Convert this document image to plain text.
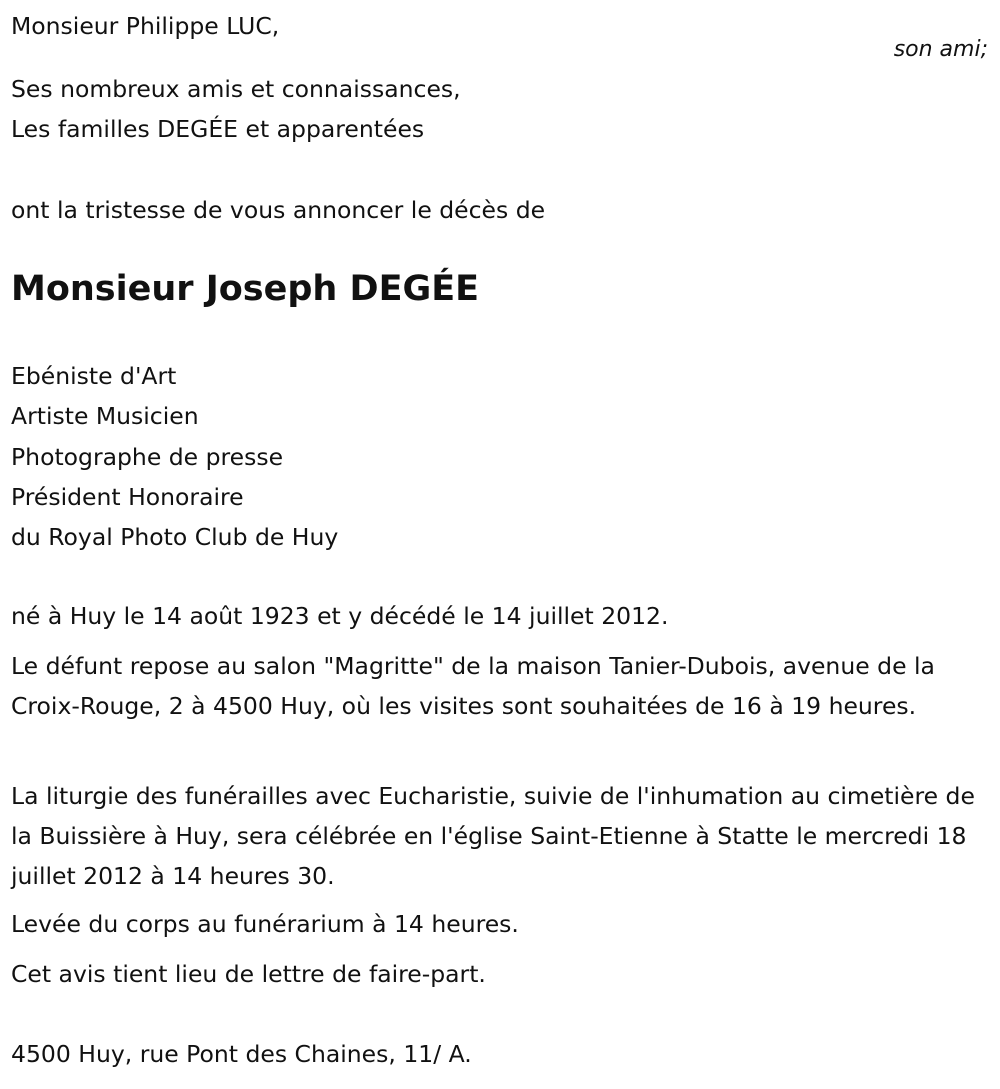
Monsieur Philippe LUC,
son ami;
Ses nombreux amis et connaissances,
Les familles DEGÉE et apparentées
ont la tristesse de vous annoncer le décès de
Monsieur Joseph DEGÉE
Ebéniste d'Art
Artiste Musicien
Photographe de presse
Président Honoraire
du Royal Photo Club de Huy
né à Huy le 14 août 1923 et y décédé le 14 juillet 2012.
Le défunt repose au salon "Magritte" de la maison Tanier-Dubois, avenue de la Croix-Rouge, 2 à 4500 Huy, où les visites sont souhaitées de 16 à 19 heures.
La liturgie des funérailles avec Eucharistie, suivie de l'inhumation au cimetière de la Buissière à Huy, sera célébrée en l'église Saint-Etienne à Statte le mercredi 18 juillet 2012 à 14 heures 30.
Levée du corps au funérarium à 14 heures.
Cet avis tient lieu de lettre de faire-part.
4500 Huy, rue Pont des Chaines, 11/ A.
